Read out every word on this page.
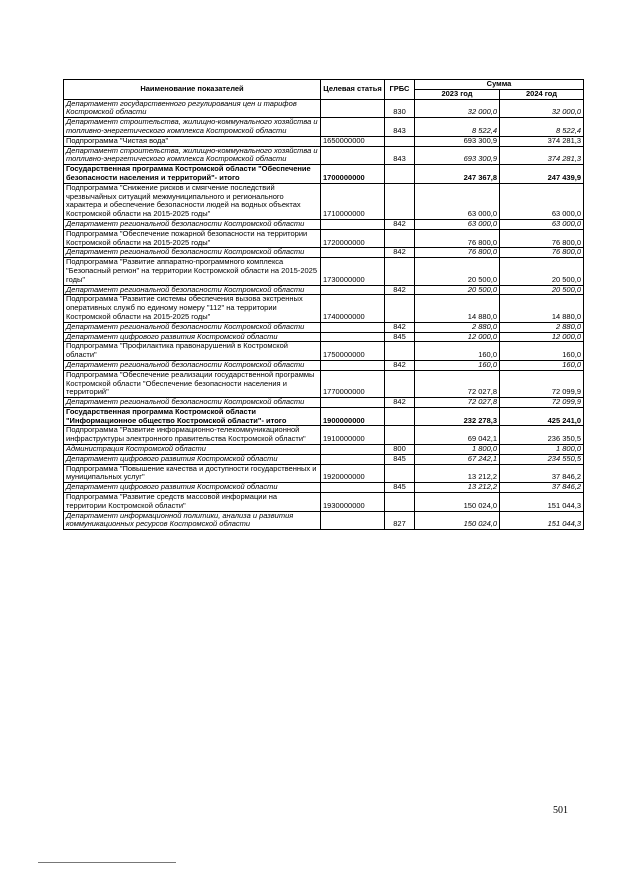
Наименование показателей	Целевая статья	ГРБС	Сумма	
			2023 год	2024 год
Департамент государственного регулирования цен и тарифов Костромской области		830	32 000,0	32 000,0
Департамент строительства, жилищно-коммунального хозяйства и топливно-энергетического комплекса Костромской области		843	8 522,4	8 522,4
Подпрограмма "Чистая вода"	1650000000		693 300,9	374 281,3
Департамент строительства, жилищно-коммунального хозяйства и топливно-энергетического комплекса Костромской области		843	693 300,9	374 281,3
Государственная программа Костромской области "Обеспечение безопасности населения и территорий"- итого	1700000000		247 367,8	247 439,9
Подпрограмма "Снижение рисков и смягчение последствий чрезвычайных ситуаций межмуниципального и регионального характера и обеспечение безопасности людей на водных объектах Костромской области на 2015-2025 годы"	1710000000		63 000,0	63 000,0
Департамент региональной безопасности Костромской области		842	63 000,0	63 000,0
Подпрограмма "Обеспечение пожарной безопасности на территории Костромской области на 2015-2025 годы"	1720000000		76 800,0	76 800,0
Департамент региональной безопасности Костромской области		842	76 800,0	76 800,0
Подпрограмма "Развитие аппаратно-программного комплекса "Безопасный регион" на территории Костромской области на 2015-2025 годы"	1730000000		20 500,0	20 500,0
Департамент региональной безопасности Костромской области		842	20 500,0	20 500,0
Подпрограмма "Развитие системы обеспечения вызова экстренных оперативных служб по единому номеру "112" на территории Костромской области на 2015-2025 годы"	1740000000		14 880,0	14 880,0
Департамент региональной безопасности Костромской области		842	2 880,0	2 880,0
Департамент цифрового развития Костромской области		845	12 000,0	12 000,0
Подпрограмма "Профилактика правонарушений в Костромской области"	1750000000		160,0	160,0
Департамент региональной безопасности Костромской области		842	160,0	160,0
Подпрограмма "Обеспечение реализации государственной программы Костромской области "Обеспечение безопасности населения и территорий"	1770000000		72 027,8	72 099,9
Департамент региональной безопасности Костромской области		842	72 027,8	72 099,9
Государственная программа Костромской области "Информационное общество Костромской области"- итого	1900000000		232 278,3	425 241,0
Подпрограмма "Развитие информационно-телекоммуникационной инфраструктуры электронного правительства Костромской области"	1910000000		69 042,1	236 350,5
Администрация Костромской области		800	1 800,0	1 800,0
Департамент цифрового развития Костромской области		845	67 242,1	234 550,5
Подпрограмма "Повышение качества и доступности государственных и муниципальных услуг"	1920000000		13 212,2	37 846,2
Департамент цифрового развития Костромской области		845	13 212,2	37 846,2
Подпрограмма "Развитие средств массовой информации на территории Костромской области"	1930000000		150 024,0	151 044,3
Департамент информационной политики, анализа и развития коммуникационных ресурсов Костромской области		827	150 024,0	151 044,3
501
